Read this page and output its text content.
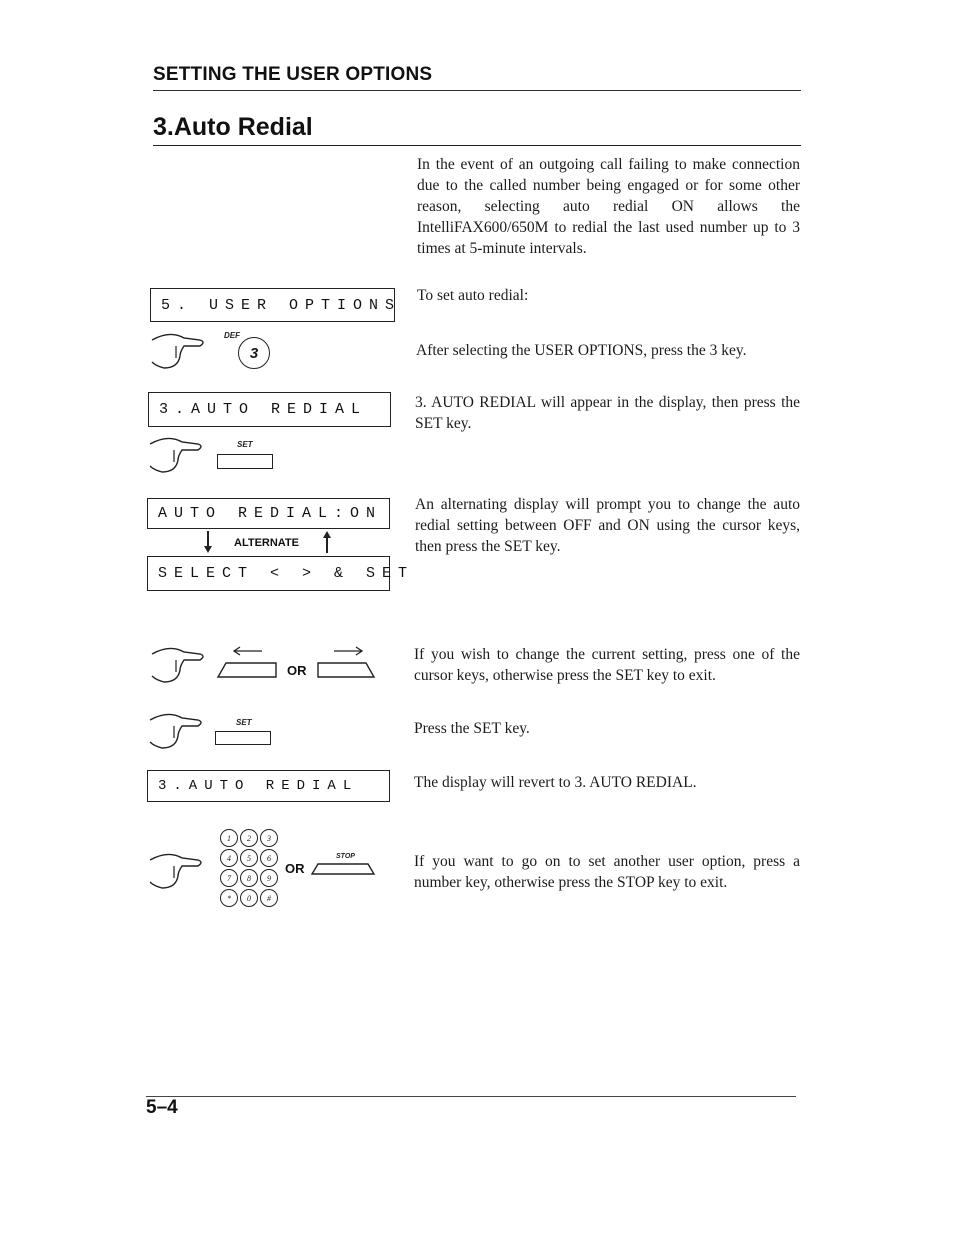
SETTING THE USER OPTIONS
3.Auto Redial
In the event of an outgoing call failing to make connection due to the called number being engaged or for some other reason, selecting auto redial ON allows the IntelliFAX600/650M to redial the last used number up to 3 times at 5-minute intervals.
5. USER OPTIONS
To set auto redial:
DEF
3	After selecting the USER OPTIONS, press the 3 key.
3.AUTO REDIAL	3. AUTO REDIAL will appear in the display, then press the SET key.
SET
AUTO REDIAL:ON
ALTERNATE
SELECT < > & SET
An alternating display will prompt you to change the auto redial setting between OFF and ON using the cursor keys, then press the SET key.
OR
If you wish to change the current setting, press one of the cursor keys, otherwise press the SET key to exit.
SET	Press the SET key.
3.AUTO REDIAL	The display will revert to 3. AUTO REDIAL.
1	2	3
4	5	6
7	8	9
*	0	#
OR
STOP	If you want to go on to set another user option, press a number key, otherwise press the STOP key to exit.
5–4
